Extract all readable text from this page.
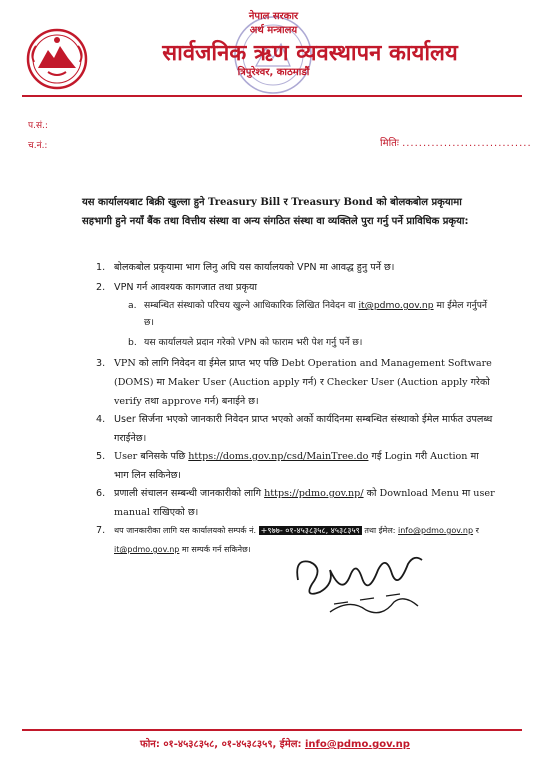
नेपाल सरकार
अर्थ मन्त्रालय
सार्वजनिक ऋण व्यवस्थापन कार्यालय
त्रिपुरेश्वर, काठमाडौं
प.सं.:
च.नं.:	मितिः ...............................
यस कार्यालयबाट बिक्री खुल्ला हुने Treasury Bill र Treasury Bond को बोलकबोल प्रकृयामा सहभागी हुने नयाँ बैंक तथा वित्तीय संस्था वा अन्य संगठित संस्था वा व्यक्तिले पुरा गर्नु पर्ने प्राविधिक प्रकृया:
1. बोलकबोल प्रकृयामा भाग लिनु अघि यस कार्यालयको VPN मा आवद्ध हुनु पर्ने छ।
2. VPN गर्न आवश्यक कागजात तथा प्रकृया
a. सम्बन्धित संस्थाको परिचय खुल्ने आधिकारिक लिखित निवेदन वा it@pdmo.gov.np मा ईमेल गर्नुपर्ने छ।
b. यस कार्यालयले प्रदान गरेको VPN को फाराम भरी पेश गर्नु पर्ने छ।
3. VPN को लागि निवेदन वा ईमेल प्राप्त भए पछि Debt Operation and Management Software (DOMS) मा Maker User (Auction apply गर्न) र Checker User (Auction apply गरेको verify तथा approve गर्न) बनाईने छ।
4. User सिर्जना भएको जानकारी निवेदन प्राप्त भएको अर्को कार्यदिनमा सम्बन्धित संस्थाको ईमेल मार्फत उपलब्ध गराईनेछ।
5. User बनिसके पछि https://doms.gov.np/csd/MainTree.do गई Login गरी Auction मा भाग लिन सकिनेछ।
6. प्रणाली संचालन सम्बन्धी जानकारीको लागि https://pdmo.gov.np/ को Download Menu मा user manual राखिएको छ।
7.	थप जानकारीका लागि यस कार्यालयको सम्पर्क नं. +९७७- ०१-४५३८३५८, ४५३८३५९ तथा ईमेल: info@pdmo.gov.np र it@pdmo.gov.np मा सम्पर्क गर्न सकिनेछ।
फोन: ०१-४५३८३५८, ०१-४५३८३५९, ईमेल: info@pdmo.gov.np
